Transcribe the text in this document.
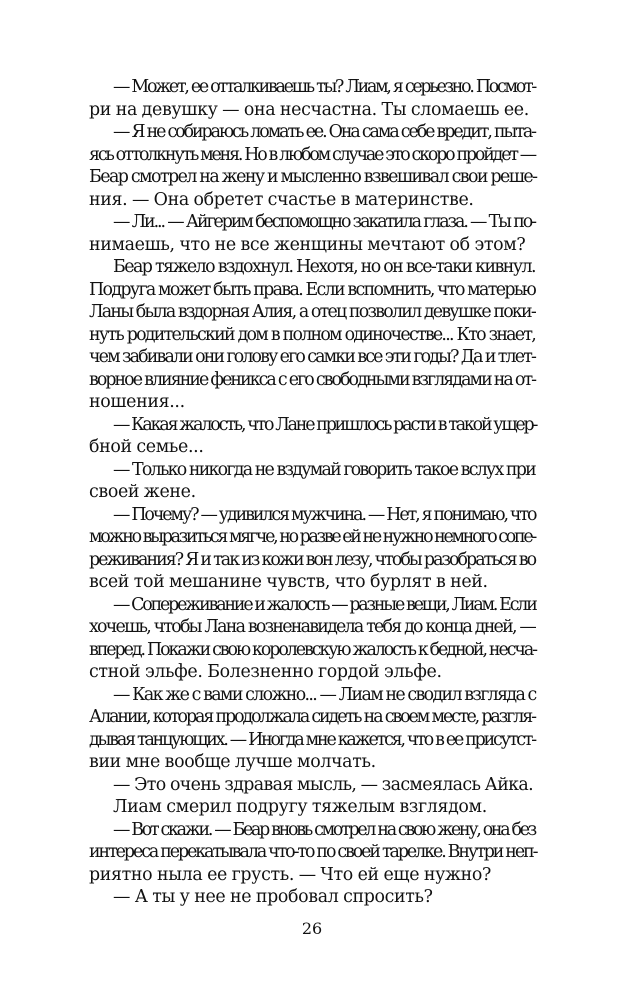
— Может, ее отталкиваешь ты? Лиам, я серьезно. Посмот-
ри на девушку — она несчастна. Ты сломаешь ее.
— Я не собираюсь ломать ее. Она сама себе вредит, пыта-
ясь оттолкнуть меня. Но в любом случае это скоро пройдет —
Беар смотрел на жену и мысленно взвешивал свои реше-
ния. — Она обретет счастье в материнстве.
— Ли... — Айгерим беспомощно закатила глаза. — Ты по-
нимаешь, что не все женщины мечтают об этом?
Беар тяжело вздохнул. Нехотя, но он все-таки кивнул.
Подруга может быть права. Если вспомнить, что матерью
Ланы была вздорная Алия, а отец позволил девушке поки-
нуть родительский дом в полном одиночестве... Кто знает,
чем забивали они голову его самки все эти годы? Да и тлет-
ворное влияние феникса с его свободными взглядами на от-
ношения...
— Какая жалость, что Лане пришлось расти в такой ущер-
бной семье...
— Только никогда не вздумай говорить такое вслух при
своей жене.
— Почему? — удивился мужчина. — Нет, я понимаю, что
можно выразиться мягче, но разве ей не нужно немного сопе-
реживания? Я и так из кожи вон лезу, чтобы разобраться во
всей той мешанине чувств, что бурлят в ней.
— Сопереживание и жалость — разные вещи, Лиам. Если
хочешь, чтобы Лана возненавидела тебя до конца дней, —
вперед. Покажи свою королевскую жалость к бедной, несча-
стной эльфе. Болезненно гордой эльфе.
— Как же с вами сложно... — Лиам не сводил взгляда с
Алании, которая продолжала сидеть на своем месте, разгля-
дывая танцующих. — Иногда мне кажется, что в ее присутст-
вии мне вообще лучше молчать.
— Это очень здравая мысль, — засмеялась Айка.
Лиам смерил подругу тяжелым взглядом.
— Вот скажи. — Беар вновь смотрел на свою жену, она без
интереса перекатывала что-то по своей тарелке. Внутри неп-
риятно ныла ее грусть. — Что ей еще нужно?
— А ты у нее не пробовал спросить?
26
